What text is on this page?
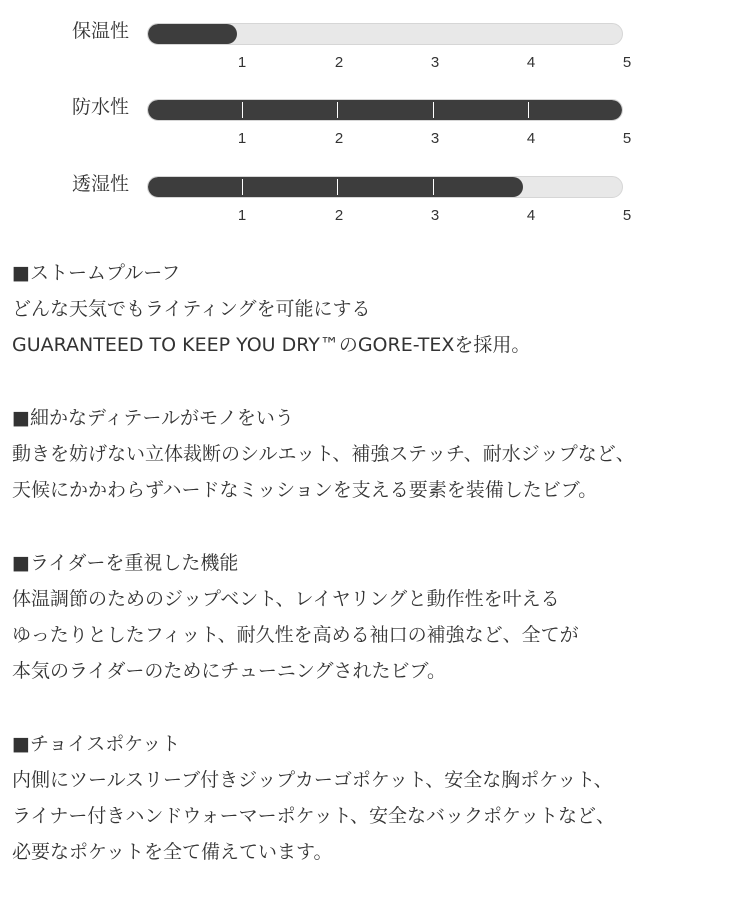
保温性
1	2	3	4	5
防水性
1	2	3	4	5
透湿性
1	2	3	4	5

■ストームプルーフ

どんな天気でもライティングを可能にする

GUARANTEED TO KEEP YOU DRY™のGORE-TEXを採用。

■細かなディテールがモノをいう

動きを妨げない立体裁断のシルエット、補強ステッチ、耐水ジップなど、

天候にかかわらずハードなミッションを支える要素を装備したビブ。

■ライダーを重視した機能

体温調節のためのジップベント、レイヤリングと動作性を叶える

ゆったりとしたフィット、耐久性を高める袖口の補強など、全てが

本気のライダーのためにチューニングされたビブ。

■チョイスポケット

内側にツールスリーブ付きジップカーゴポケット、安全な胸ポケット、

ライナー付きハンドウォーマーポケット、安全なバックポケットなど、

必要なポケットを全て備えています。
